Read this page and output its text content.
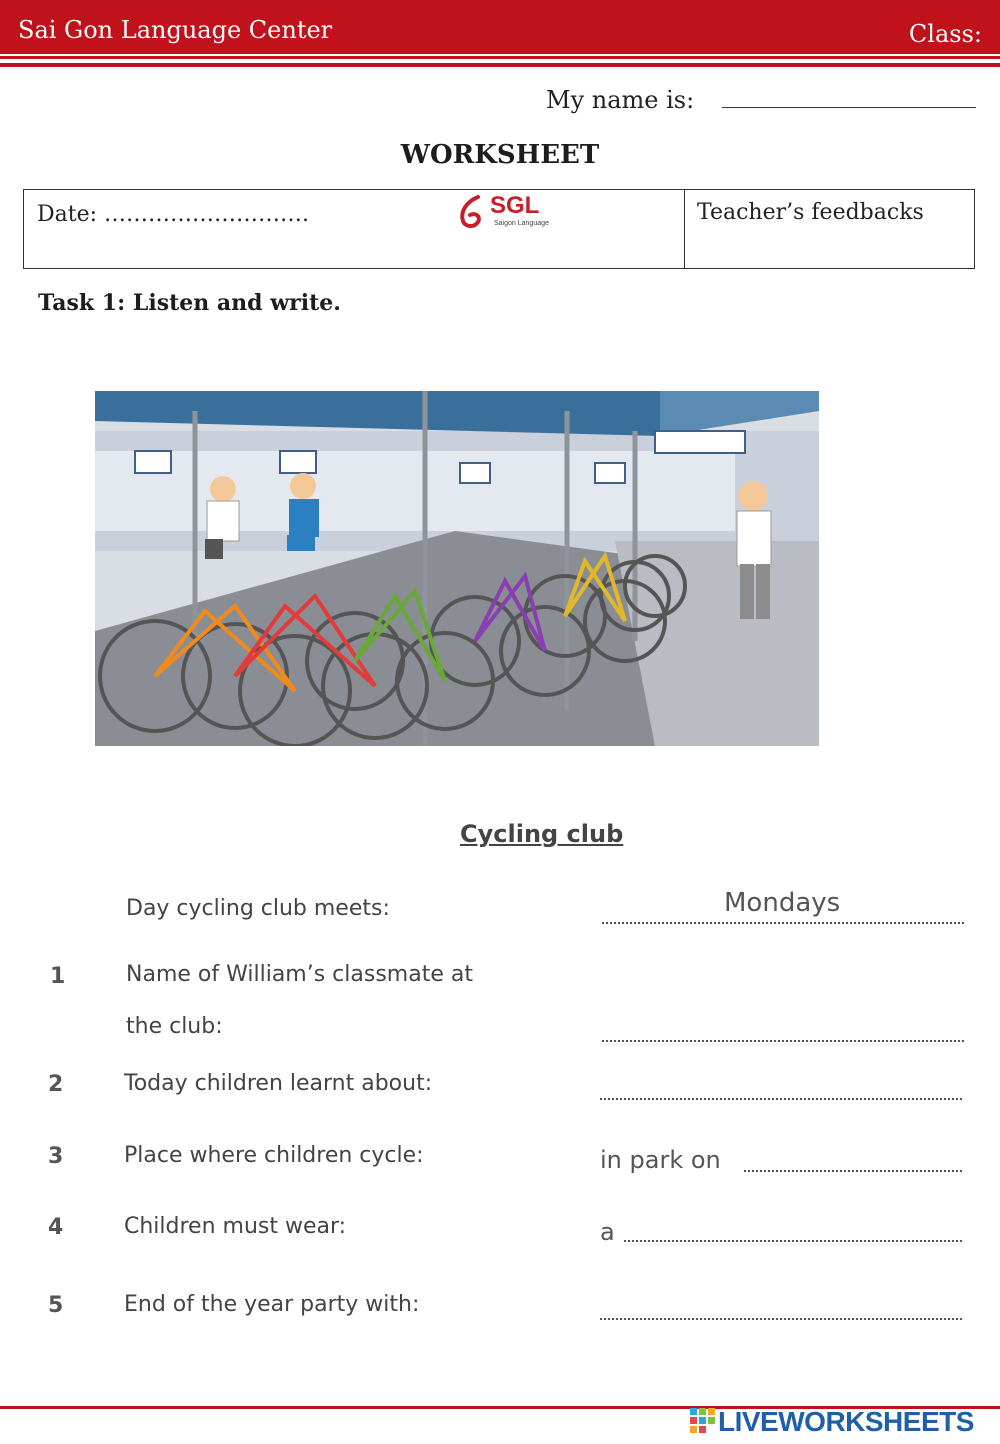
Sai Gon Language Center	Class:
My name is:
WORKSHEET
Date: ……………………….	SGL
Saigon Language	Teacher’s feedbacks
Task 1: Listen and write.
Cycling club
Day cycling club meets:	Mondays
1	Name of William’s classmate at
the club:
2	Today children learnt about:
3	Place where children cycle:	in park on
4	Children must wear:	a
5	End of the year party with:
LIVEWORKSHEETS
